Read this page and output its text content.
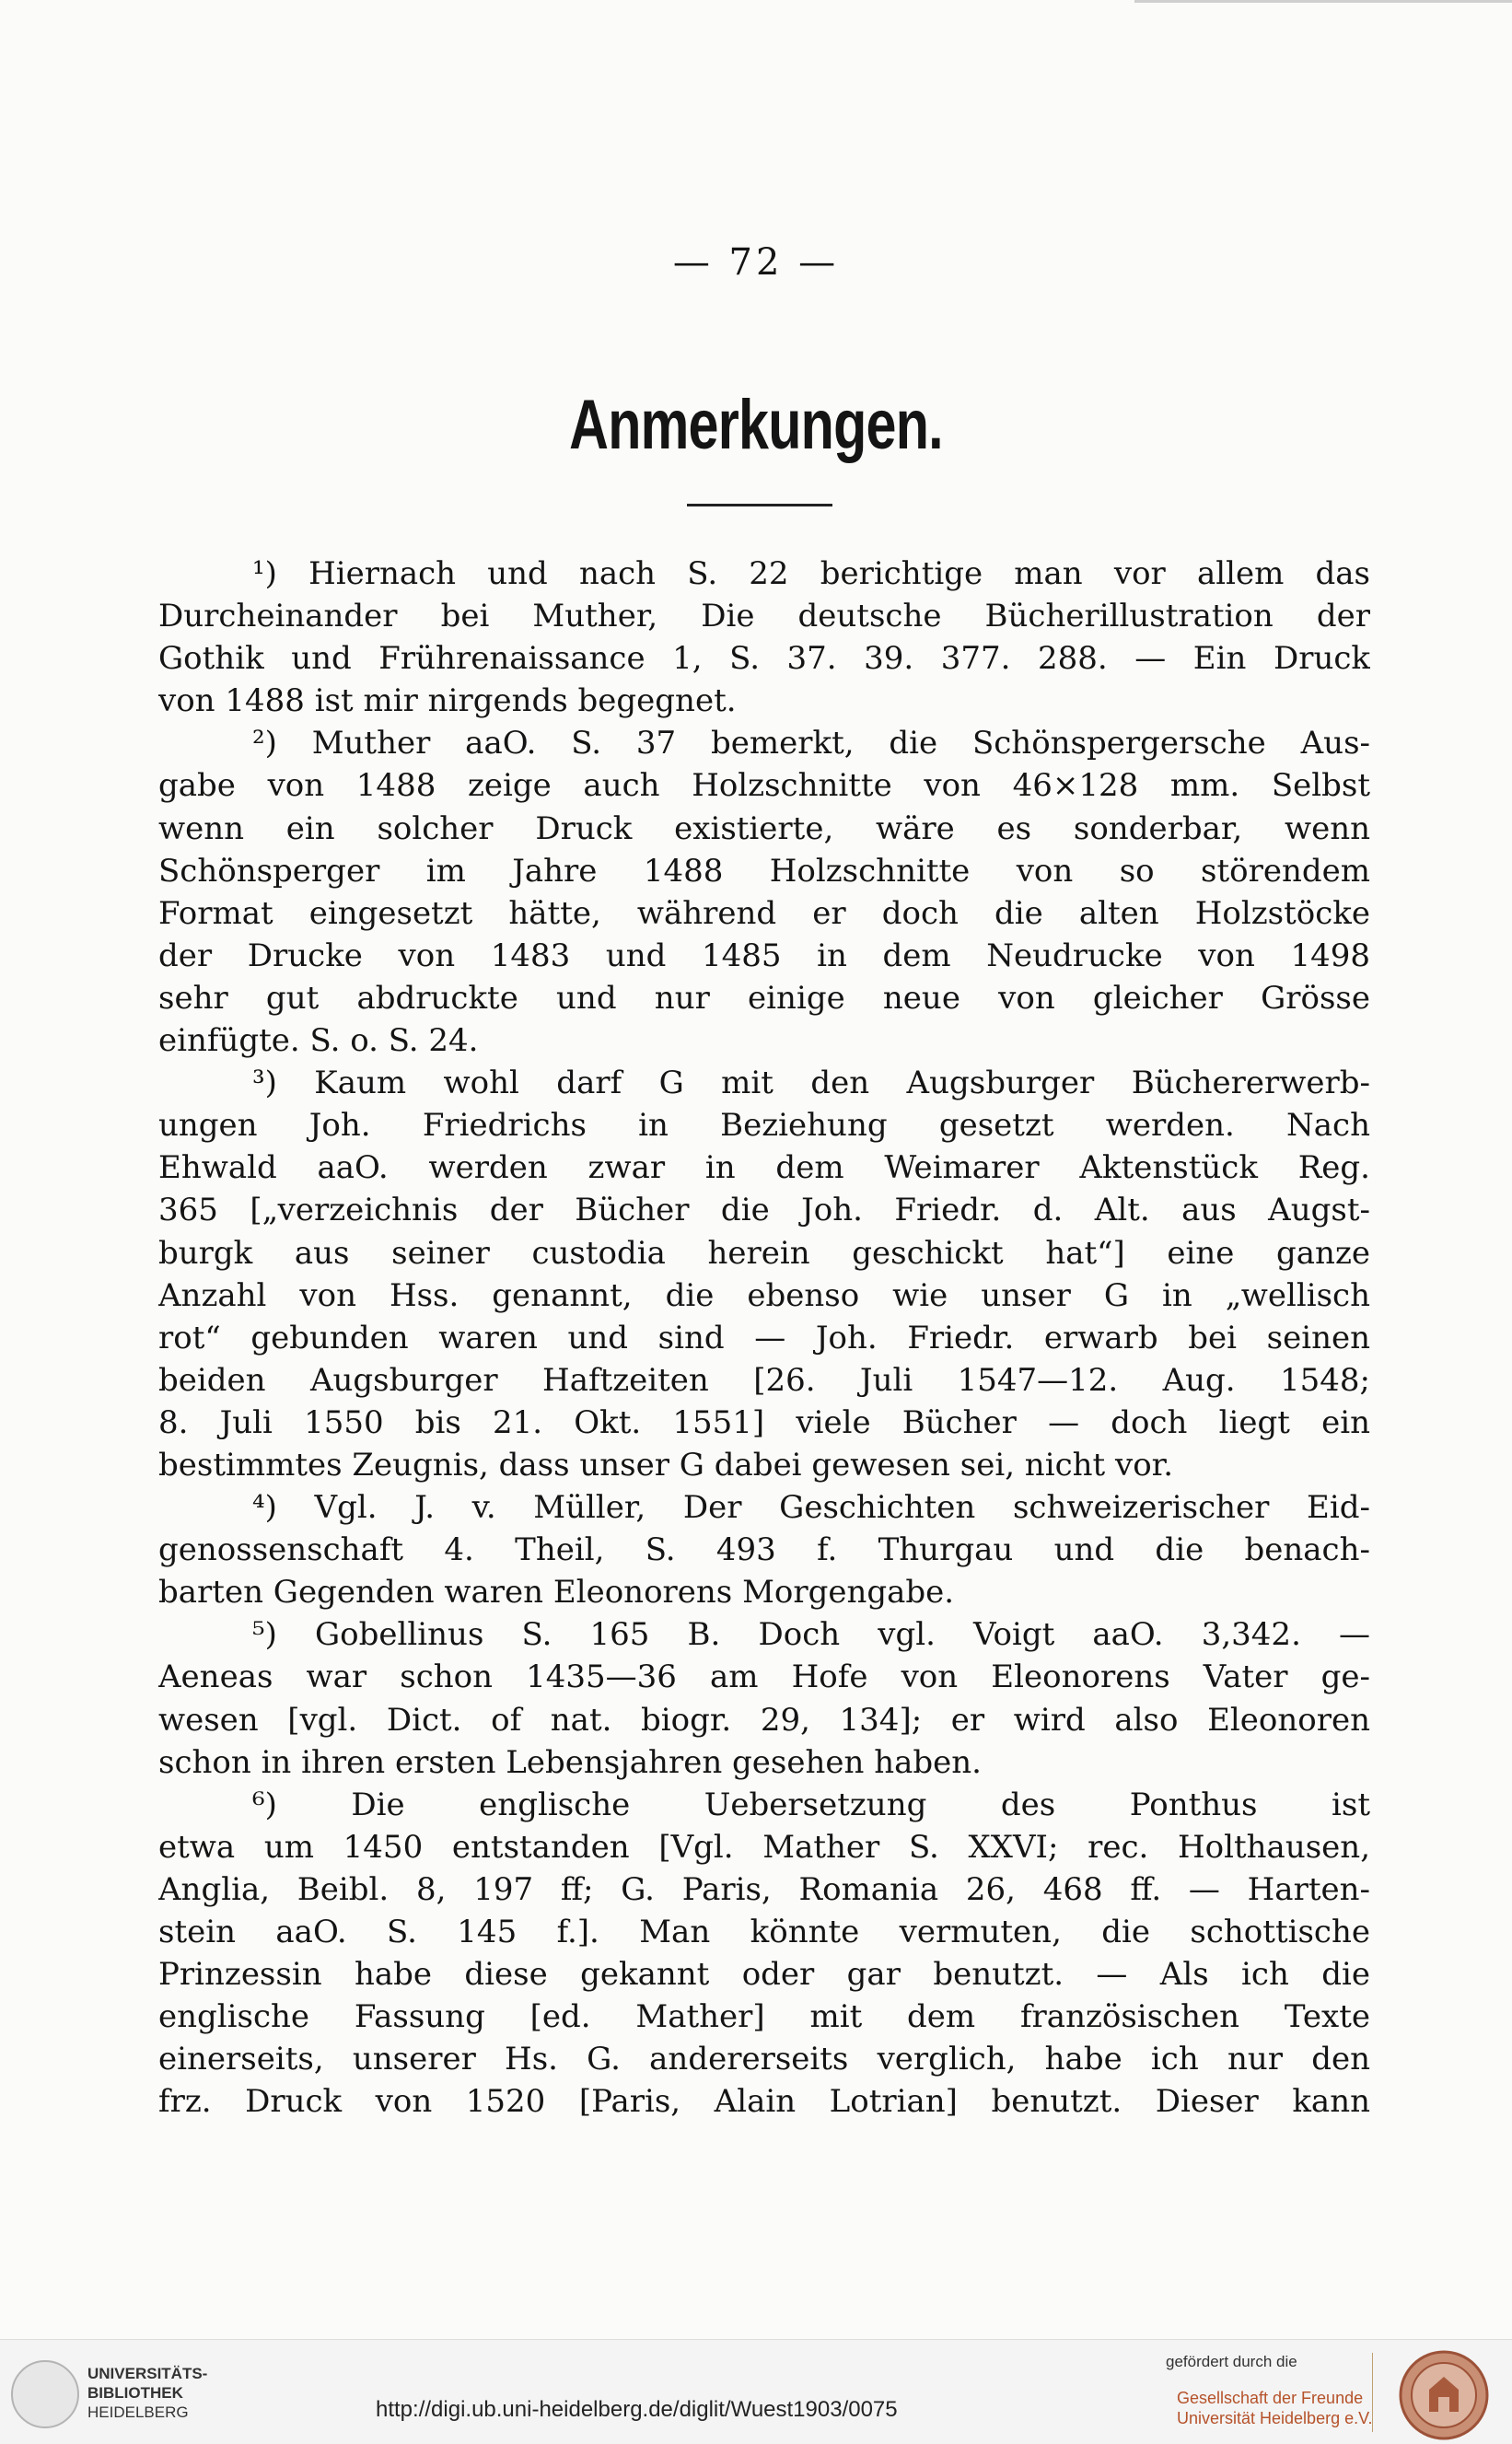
— 72 —
Anmerkungen.
¹) Hiernach und nach S. 22 berichtige man vor allem das
Durcheinander bei Muther, Die deutsche Bücherillustration der
Gothik und Frührenaissance 1, S. 37. 39. 377. 288. — Ein Druck
von 1488 ist mir nirgends begegnet.
²) Muther aaO. S. 37 bemerkt, die Schönspergersche Aus-
gabe von 1488 zeige auch Holzschnitte von 46×128 mm. Selbst
wenn ein solcher Druck existierte, wäre es sonderbar, wenn
Schönsperger im Jahre 1488 Holzschnitte von so störendem
Format eingesetzt hätte, während er doch die alten Holzstöcke
der Drucke von 1483 und 1485 in dem Neudrucke von 1498
sehr gut abdruckte und nur einige neue von gleicher Grösse
einfügte. S. o. S. 24.
³) Kaum wohl darf G mit den Augsburger Büchererwerb-
ungen Joh. Friedrichs in Beziehung gesetzt werden. Nach
Ehwald aaO. werden zwar in dem Weimarer Aktenstück Reg.
365 [„verzeichnis der Bücher die Joh. Friedr. d. Alt. aus Augst-
burgk aus seiner custodia herein geschickt hat“] eine ganze
Anzahl von Hss. genannt, die ebenso wie unser G in „wellisch
rot“ gebunden waren und sind — Joh. Friedr. erwarb bei seinen
beiden Augsburger Haftzeiten [26. Juli 1547—12. Aug. 1548;
8. Juli 1550 bis 21. Okt. 1551] viele Bücher — doch liegt ein
bestimmtes Zeugnis, dass unser G dabei gewesen sei, nicht vor.
⁴) Vgl. J. v. Müller, Der Geschichten schweizerischer Eid-
genossenschaft 4. Theil, S. 493 f. Thurgau und die benach-
barten Gegenden waren Eleonorens Morgengabe.
⁵) Gobellinus S. 165 B. Doch vgl. Voigt aaO. 3,342. —
Aeneas war schon 1435—36 am Hofe von Eleonorens Vater ge-
wesen [vgl. Dict. of nat. biogr. 29, 134]; er wird also Eleonoren
schon in ihren ersten Lebensjahren gesehen haben.
⁶) Die englische Uebersetzung des Ponthus ist
etwa um 1450 entstanden [Vgl. Mather S. XXVI; rec. Holthausen,
Anglia, Beibl. 8, 197 ff; G. Paris, Romania 26, 468 ff. — Harten-
stein aaO. S. 145 f.]. Man könnte vermuten, die schottische
Prinzessin habe diese gekannt oder gar benutzt. — Als ich die
englische Fassung [ed. Mather] mit dem französischen Texte
einerseits, unserer Hs. G. andererseits verglich, habe ich nur den
frz. Druck von 1520 [Paris, Alain Lotrian] benutzt. Dieser kann
UNIVERSITÄTS-
BIBLIOTHEK
HEIDELBERG	http://digi.ub.uni-heidelberg.de/diglit/Wuest1903/0075
gefördert durch die
Gesellschaft der Freunde
Universität Heidelberg e.V.
